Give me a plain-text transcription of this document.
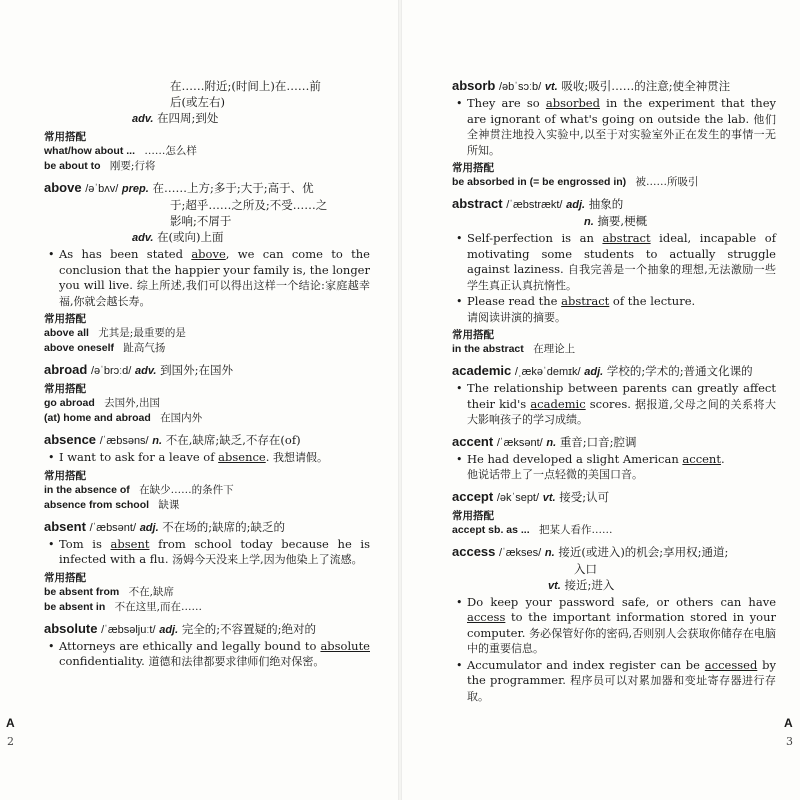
在……附近;(时间上)在……前
后(或左右)
adv. 在四周;到处
常用搭配
what/how about ... ……怎么样
be about to 刚要;行将
above /əˈbʌv/ prep. 在……上方;多于;大于;高于、优
于;超乎……之所及;不受……之
影响;不屑于
adv. 在(或向)上面
• As has been stated above, we can come to the conclusion that the happier your family is, the longer you will live. 综上所述,我们可以得出这样一个结论:家庭越幸福,你就会越长寿。
常用搭配
above all 尤其是;最重要的是
above oneself 趾高气扬
abroad /əˈbrɔːd/ adv. 到国外;在国外
常用搭配
go abroad 去国外,出国
(at) home and abroad 在国内外
absence /ˈæbsəns/ n. 不在,缺席;缺乏,不存在(of)
• I want to ask for a leave of absence. 我想请假。
常用搭配
in the absence of 在缺少……的条件下
absence from school 缺课
absent /ˈæbsənt/ adj. 不在场的;缺席的;缺乏的
• Tom is absent from school today because he is infected with a flu. 汤姆今天没来上学,因为他染上了流感。
常用搭配
be absent from 不在,缺席
be absent in 不在这里,而在……
absolute /ˈæbsəljuːt/ adj. 完全的;不容置疑的;绝对的
• Attorneys are ethically and legally bound to absolute confidentiality. 道德和法律都要求律师们绝对保密。
A
2
absorb /əbˈsɔːb/ vt. 吸收;吸引……的注意;使全神贯注
• They are so absorbed in the experiment that they are ignorant of what's going on outside the lab. 他们全神贯注地投入实验中,以至于对实验室外正在发生的事情一无所知。
常用搭配
be absorbed in (= be engrossed in) 被……所吸引
abstract /ˈæbstrækt/ adj. 抽象的
n. 摘要,梗概
• Self-perfection is an abstract ideal, incapable of motivating some students to actually struggle against laziness. 自我完善是一个抽象的理想,无法激励一些学生真正认真抗惰性。
• Please read the abstract of the lecture.
请阅读讲演的摘要。
常用搭配
in the abstract 在理论上
academic /ˌækəˈdemɪk/ adj. 学校的;学术的;普通文化课的
• The relationship between parents can greatly affect their kid's academic scores. 据报道,父母之间的关系将大大影响孩子的学习成绩。
accent /ˈæksənt/ n. 重音;口音;腔调
• He had developed a slight American accent.
他说话带上了一点轻微的美国口音。
accept /əkˈsept/ vt. 接受;认可
常用搭配
accept sb. as ... 把某人看作……
access /ˈækses/ n. 接近(或进入)的机会;享用权;通道;
入口
vt. 接近;进入
• Do keep your password safe, or others can have access to the important information stored in your computer. 务必保管好你的密码,否则别人会获取你储存在电脑中的重要信息。
• Accumulator and index register can be accessed by the programmer. 程序员可以对累加器和变址寄存器进行存取。
A
3
